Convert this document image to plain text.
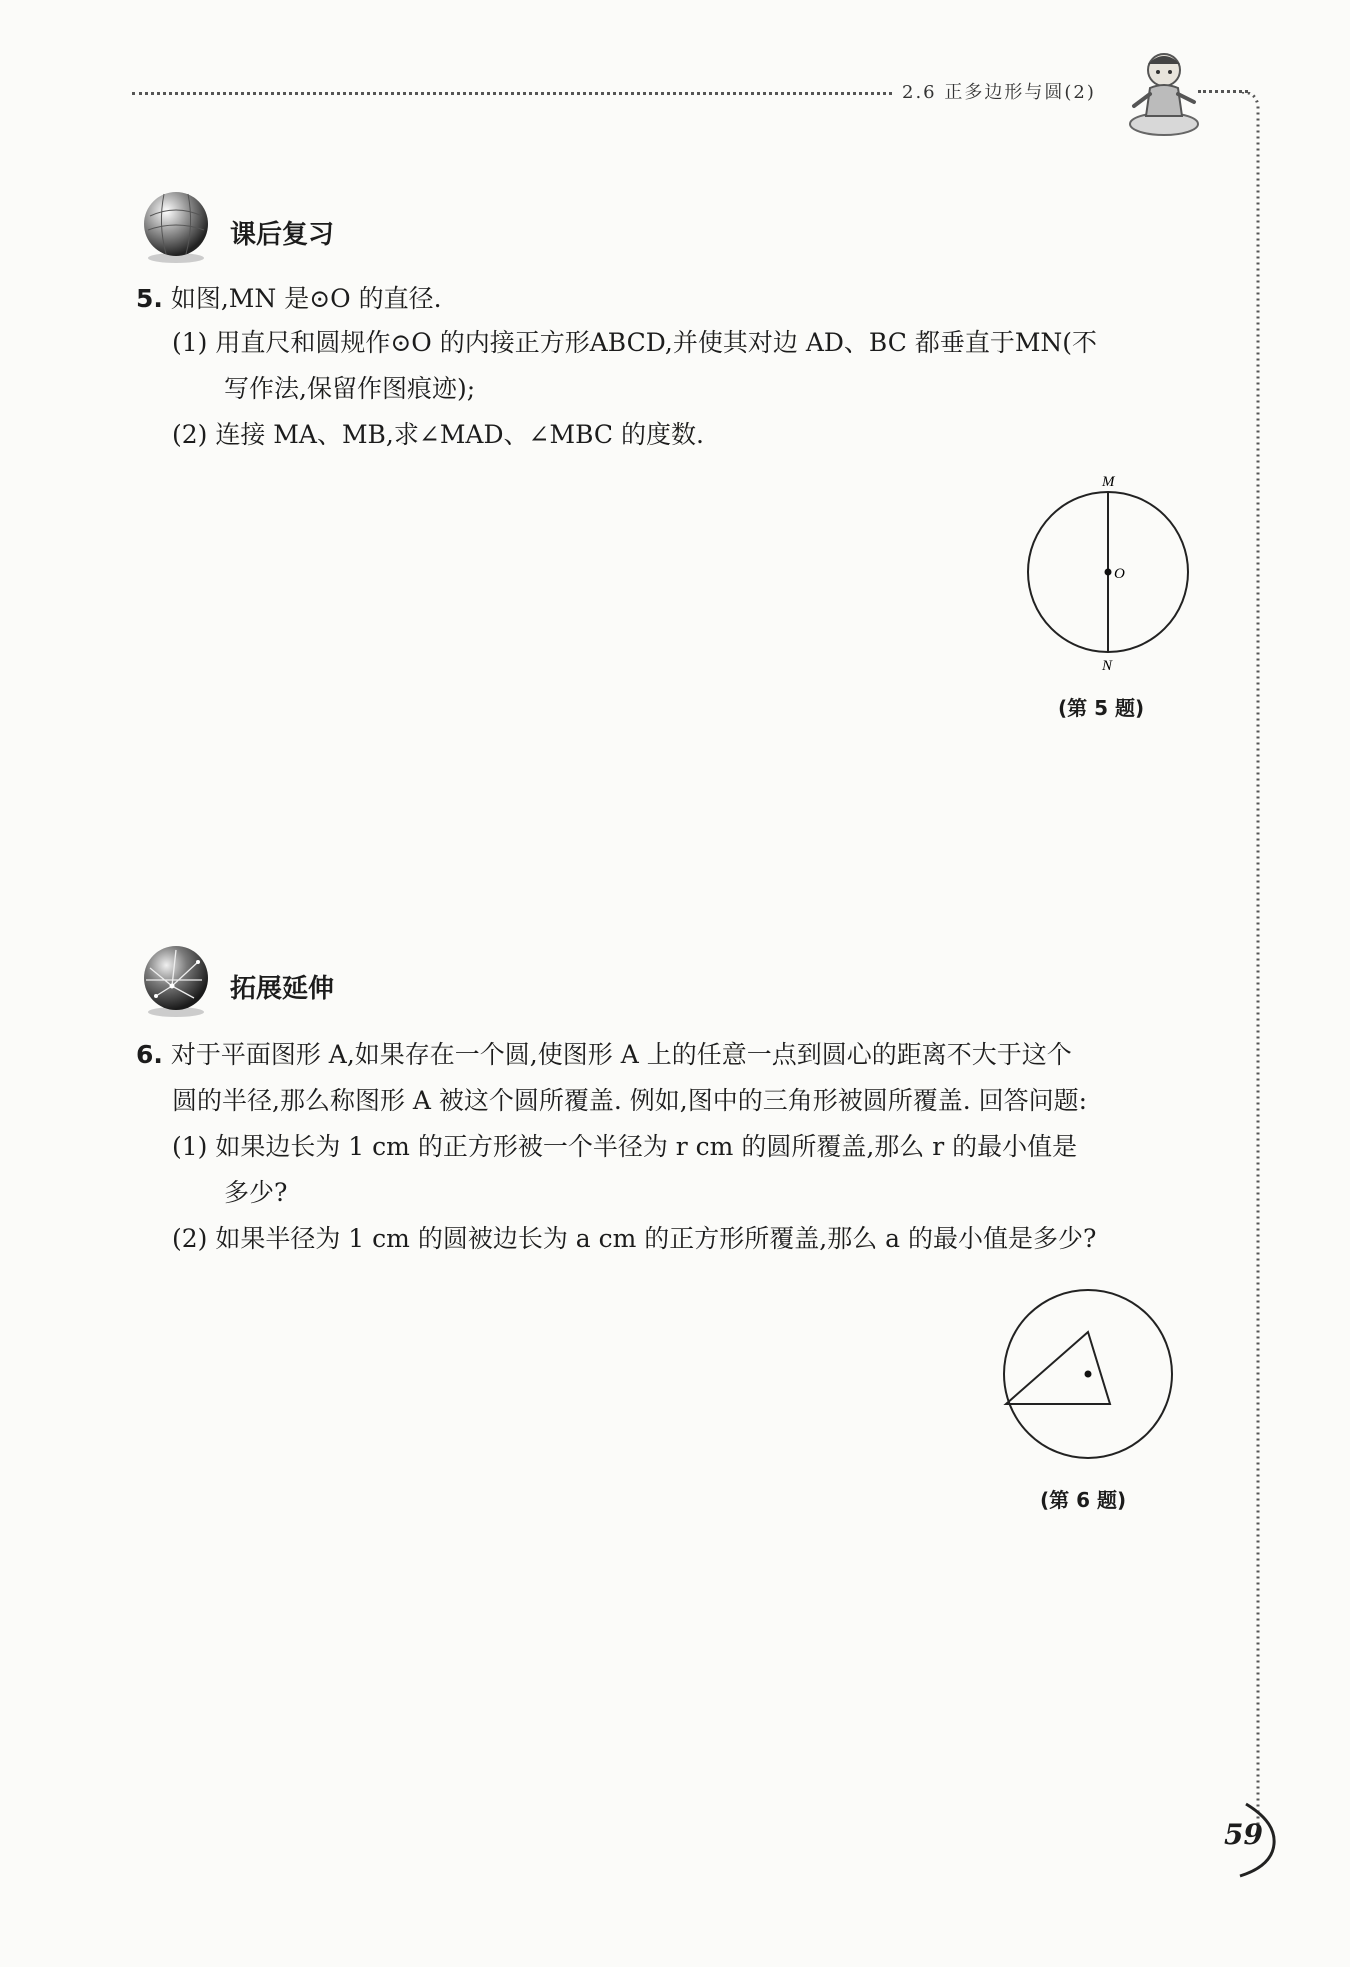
2.6 正多边形与圆(2)
课后复习
5. 如图,MN 是⊙O 的直径.
(1) 用直尺和圆规作⊙O 的内接正方形ABCD,并使其对边 AD、BC 都垂直于MN(不
写作法,保留作图痕迹);
(2) 连接 MA、MB,求∠MAD、∠MBC 的度数.
M
O
N
(第 5 题)
拓展延伸
6. 对于平面图形 A,如果存在一个圆,使图形 A 上的任意一点到圆心的距离不大于这个
圆的半径,那么称图形 A 被这个圆所覆盖. 例如,图中的三角形被圆所覆盖. 回答问题:
(1) 如果边长为 1 cm 的正方形被一个半径为 r cm 的圆所覆盖,那么 r 的最小值是
多少?
(2) 如果半径为 1 cm 的圆被边长为 a cm 的正方形所覆盖,那么 a 的最小值是多少?
(第 6 题)
59
